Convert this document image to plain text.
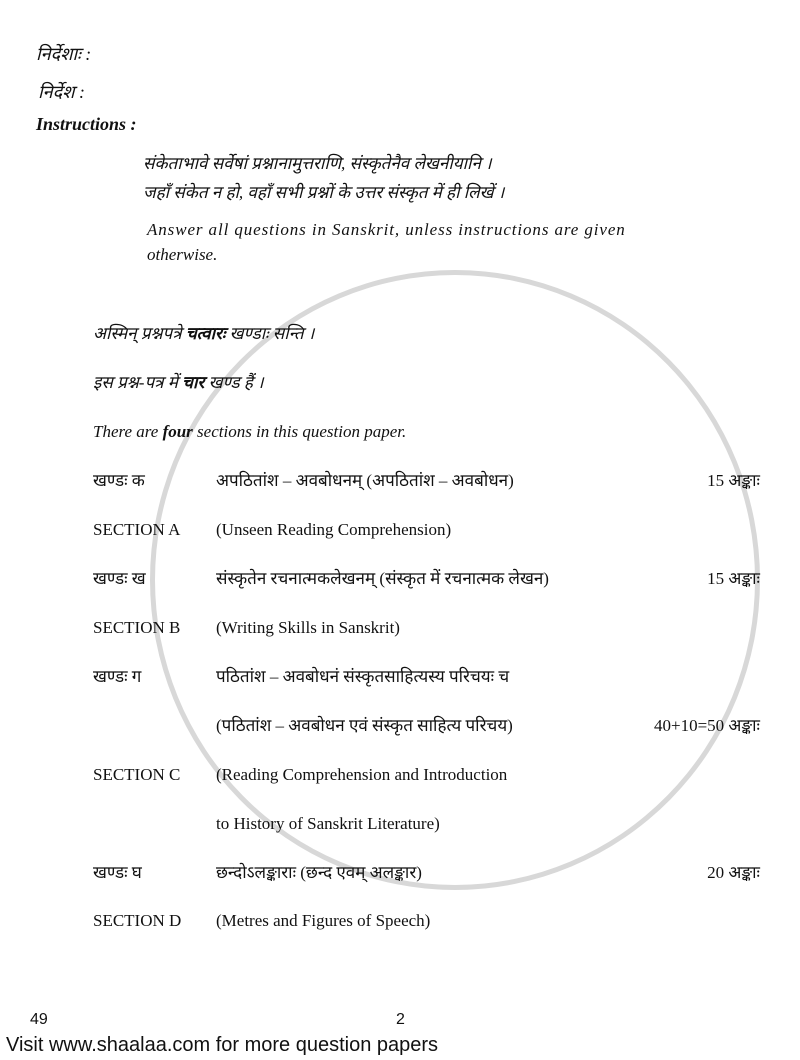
निर्देशाः :
निर्देश :
Instructions :
संकेताभावे सर्वेषां प्रश्नानामुत्तराणि, संस्कृतेनैव लेखनीयानि ।
जहाँ संकेत न हो, वहाँ सभी प्रश्नों के उत्तर संस्कृत में ही लिखें ।
Answer all questions in Sanskrit, unless instructions are given
otherwise.
अस्मिन् प्रश्नपत्रे चत्वारः खण्डाः सन्ति ।
इस प्रश्न-पत्र में चार खण्ड हैं ।
There are four sections in this question paper.
खण्डः क	अपठितांश – अवबोधनम् (अपठितांश – अवबोधन)	15 अङ्काः
SECTION A	(Unseen Reading Comprehension)
खण्डः ख	संस्कृतेन रचनात्मकलेखनम् (संस्कृत में रचनात्मक लेखन)	15 अङ्काः
SECTION B	(Writing Skills in Sanskrit)
खण्डः ग	पठितांश – अवबोधनं संस्कृतसाहित्यस्य परिचयः च
(पठितांश – अवबोधन एवं संस्कृत साहित्य परिचय)	40+10=50 अङ्काः
SECTION C	(Reading Comprehension and Introduction
to History of Sanskrit Literature)
खण्डः घ	छन्दोऽलङ्काराः (छन्द एवम् अलङ्कार)	20 अङ्काः
SECTION D	(Metres and Figures of Speech)
49	2
Visit www.shaalaa.com for more question papers
